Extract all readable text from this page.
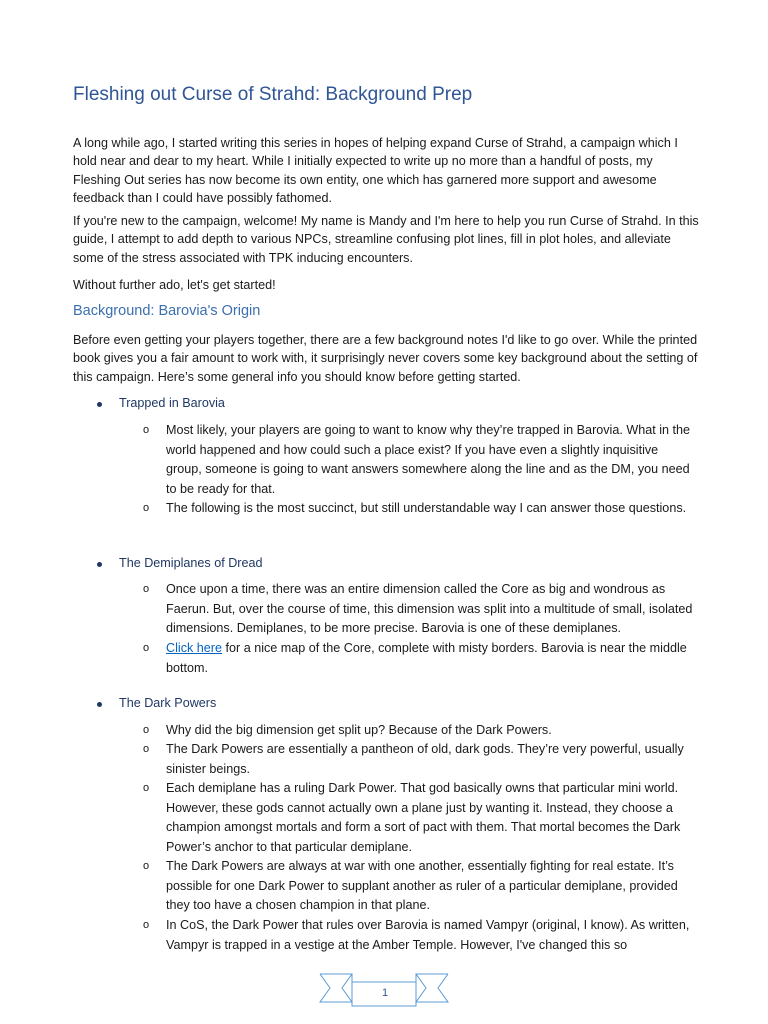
Fleshing out Curse of Strahd: Background Prep

A long while ago, I started writing this series in hopes of helping expand Curse of Strahd, a campaign which I hold near and dear to my heart. While I initially expected to write up no more than a handful of posts, my Fleshing Out series has now become its own entity, one which has garnered more support and awesome feedback than I could have possibly fathomed.

If you're new to the campaign, welcome! My name is Mandy and I'm here to help you run Curse of Strahd. In this guide, I attempt to add depth to various NPCs, streamline confusing plot lines, fill in plot holes, and alleviate some of the stress associated with TPK inducing encounters.

Without further ado, let's get started!

Background: Barovia's Origin

Before even getting your players together, there are a few background notes I'd like to go over. While the printed book gives you a fair amount to work with, it surprisingly never covers some key background about the setting of this campaign. Here’s some general info you should know before getting started.

Trapped in Barovia
o Most likely, your players are going to want to know why they’re trapped in Barovia. What in the world happened and how could such a place exist? If you have even a slightly inquisitive group, someone is going to want answers somewhere along the line and as the DM, you need to be ready for that.
o The following is the most succinct, but still understandable way I can answer those questions.
The Demiplanes of Dread
o Once upon a time, there was an entire dimension called the Core as big and wondrous as Faerun. But, over the course of time, this dimension was split into a multitude of small, isolated dimensions. Demiplanes, to be more precise. Barovia is one of these demiplanes.
o Click here for a nice map of the Core, complete with misty borders. Barovia is near the middle bottom.
The Dark Powers
o Why did the big dimension get split up? Because of the Dark Powers.
o The Dark Powers are essentially a pantheon of old, dark gods. They’re very powerful, usually sinister beings.
o Each demiplane has a ruling Dark Power. That god basically owns that particular mini world. However, these gods cannot actually own a plane just by wanting it. Instead, they choose a champion amongst mortals and form a sort of pact with them. That mortal becomes the Dark Power’s anchor to that particular demiplane.
o The Dark Powers are always at war with one another, essentially fighting for real estate. It’s possible for one Dark Power to supplant another as ruler of a particular demiplane, provided they too have a chosen champion in that plane.
o In CoS, the Dark Power that rules over Barovia is named Vampyr (original, I know). As written, Vampyr is trapped in a vestige at the Amber Temple. However, I've changed this so
1
